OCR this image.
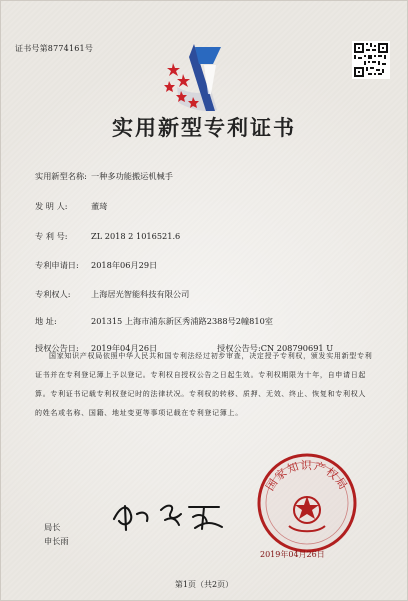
证书号第8774161号
实用新型专利证书
实用新型名称: 一种多功能搬运机械手
发 明 人:	董琦
专 利 号:	ZL 2018 2 1016521.6
专利申请日: 2018年06月29日
专利权人: 上海居光智能科技有限公司
地 址:	201315 上海市浦东新区秀浦路2388号2幢810室
授权公告日: 2019年04月26日	授权公告号:CN 208790691 U
国家知识产权局依照中华人民共和国专利法经过初步审查，决定授予专利权，颁发实用新型专利证书并在专利登记簿上予以登记。专利权自授权公告之日起生效。专利权期限为十年，自申请日起算。专利证书记载专利权登记时的法律状况。专利权的转移、质押、无效、终止、恢复和专利权人的姓名或名称、国籍、地址变更等事项记载在专利登记簿上。
局长
申长雨
国家知识产权局
2019年04月26日
第1页（共2页）
